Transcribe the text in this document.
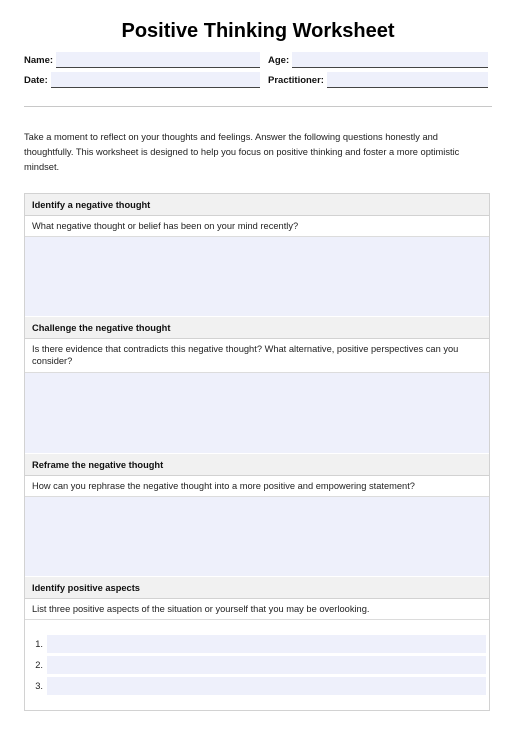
Positive Thinking Worksheet
Name:	Age:
Date:	Practitioner:
Take a moment to reflect on your thoughts and feelings. Answer the following questions honestly and thoughtfully. This worksheet is designed to help you focus on positive thinking and foster a more optimistic mindset.
Identify a negative thought
What negative thought or belief has been on your mind recently?
Challenge the negative thought
Is there evidence that contradicts this negative thought? What alternative, positive perspectives can you consider?
Reframe the negative thought
How can you rephrase the negative thought into a more positive and empowering statement?
Identify positive aspects
List three positive aspects of the situation or yourself that you may be overlooking.
1.
2.
3.
